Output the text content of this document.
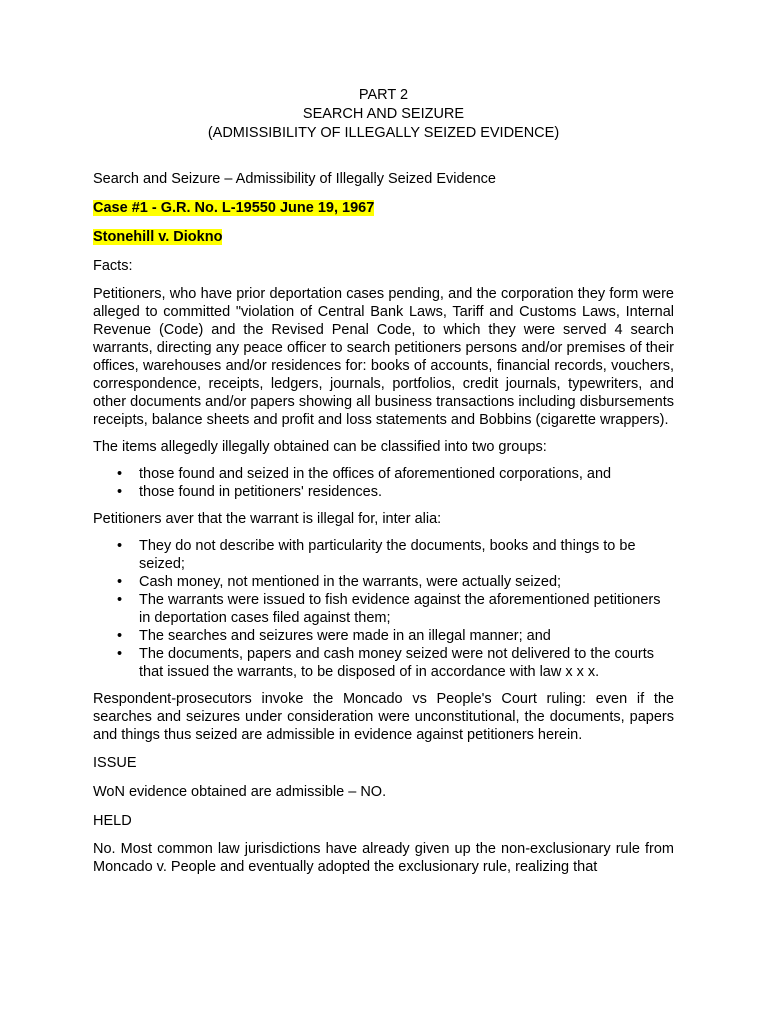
PART 2
SEARCH AND SEIZURE
(ADMISSIBILITY OF ILLEGALLY SEIZED EVIDENCE)

Search and Seizure – Admissibility of Illegally Seized Evidence

Case #1 - G.R. No. L-19550 June 19, 1967

Stonehill v. Diokno

Facts:

Petitioners, who have prior deportation cases pending, and the corporation they form were alleged to committed "violation of Central Bank Laws, Tariff and Customs Laws, Internal Revenue (Code) and the Revised Penal Code, to which they were served 4 search warrants, directing any peace officer to search petitioners persons and/or premises of their offices, warehouses and/or residences for: books of accounts, financial records, vouchers, correspondence, receipts, ledgers, journals, portfolios, credit journals, typewriters, and other documents and/or papers showing all business transactions including disbursements receipts, balance sheets and profit and loss statements and Bobbins (cigarette wrappers).

The items allegedly illegally obtained can be classified into two groups:

• those found and seized in the offices of aforementioned corporations, and
• those found in petitioners' residences.

Petitioners aver that the warrant is illegal for, inter alia:

• They do not describe with particularity the documents, books and things to be seized;
• Cash money, not mentioned in the warrants, were actually seized;
• The warrants were issued to fish evidence against the aforementioned petitioners in deportation cases filed against them;
• The searches and seizures were made in an illegal manner; and
• The documents, papers and cash money seized were not delivered to the courts that issued the warrants, to be disposed of in accordance with law x x x.

Respondent-prosecutors invoke the Moncado vs People's Court ruling: even if the searches and seizures under consideration were unconstitutional, the documents, papers and things thus seized are admissible in evidence against petitioners herein.

ISSUE

WoN evidence obtained are admissible – NO.

HELD

No. Most common law jurisdictions have already given up the non-exclusionary rule from Moncado v. People and eventually adopted the exclusionary rule, realizing that
